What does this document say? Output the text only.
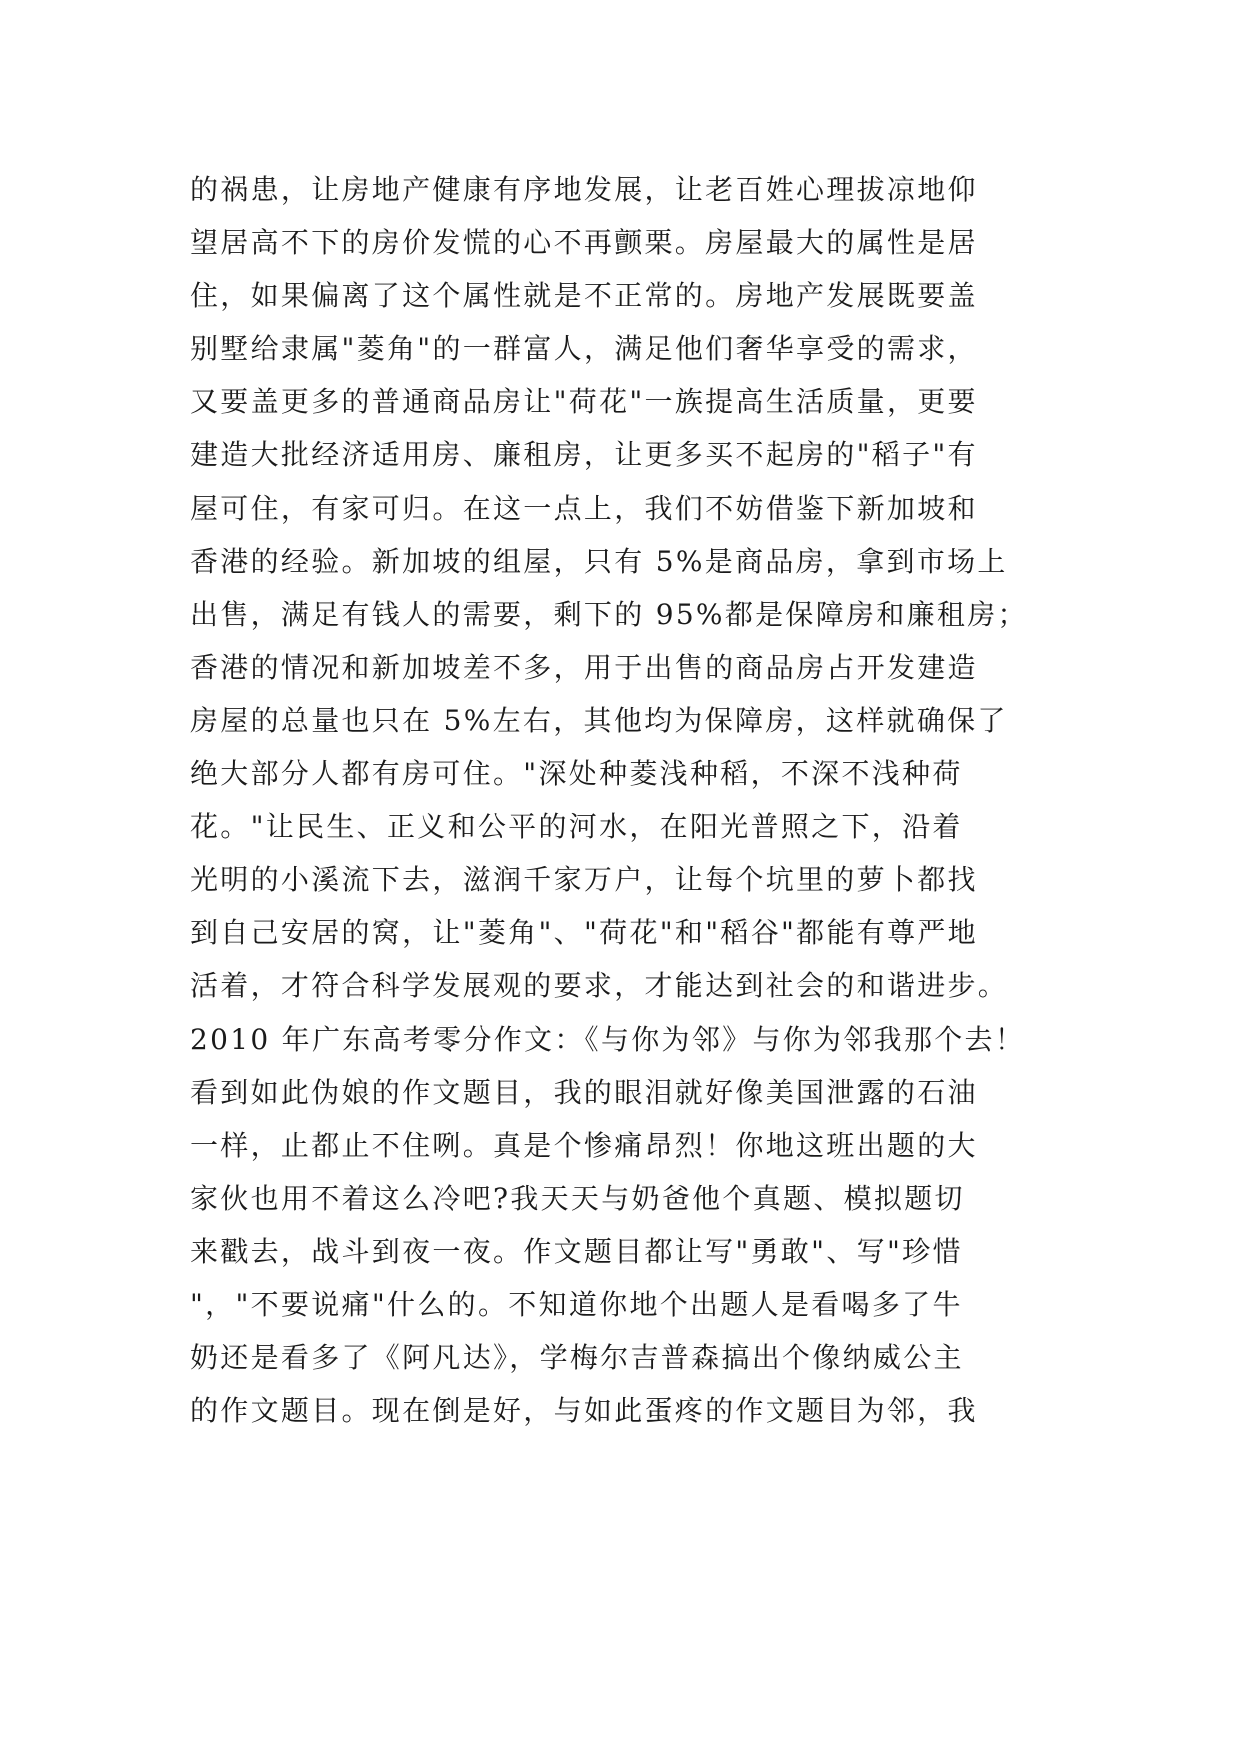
的祸患，让房地产健康有序地发展，让老百姓心理拔凉地仰
望居高不下的房价发慌的心不再颤栗。房屋最大的属性是居
住，如果偏离了这个属性就是不正常的。房地产发展既要盖
别墅给隶属"菱角"的一群富人，满足他们奢华享受的需求，
又要盖更多的普通商品房让"荷花"一族提高生活质量，更要
建造大批经济适用房、廉租房，让更多买不起房的"稻子"有
屋可住，有家可归。在这一点上，我们不妨借鉴下新加坡和
香港的经验。新加坡的组屋，只有 5%是商品房，拿到市场上
出售，满足有钱人的需要，剩下的 95%都是保障房和廉租房；
香港的情况和新加坡差不多，用于出售的商品房占开发建造
房屋的总量也只在 5%左右，其他均为保障房，这样就确保了
绝大部分人都有房可住。"深处种菱浅种稻，不深不浅种荷
花。"让民生、正义和公平的河水，在阳光普照之下，沿着
光明的小溪流下去，滋润千家万户，让每个坑里的萝卜都找
到自己安居的窝，让"菱角"、"荷花"和"稻谷"都能有尊严地
活着，才符合科学发展观的要求，才能达到社会的和谐进步。
2010 年广东高考零分作文：《与你为邻》与你为邻我那个去！
看到如此伪娘的作文题目，我的眼泪就好像美国泄露的石油
一样，止都止不住咧。真是个惨痛昂烈！你地这班出题的大
家伙也用不着这么冷吧?我天天与奶爸他个真题、模拟题切
来戳去，战斗到夜一夜。作文题目都让写"勇敢"、写"珍惜
"，"不要说痛"什么的。不知道你地个出题人是看喝多了牛
奶还是看多了《阿凡达》，学梅尔吉普森搞出个像纳威公主
的作文题目。现在倒是好，与如此蛋疼的作文题目为邻，我
